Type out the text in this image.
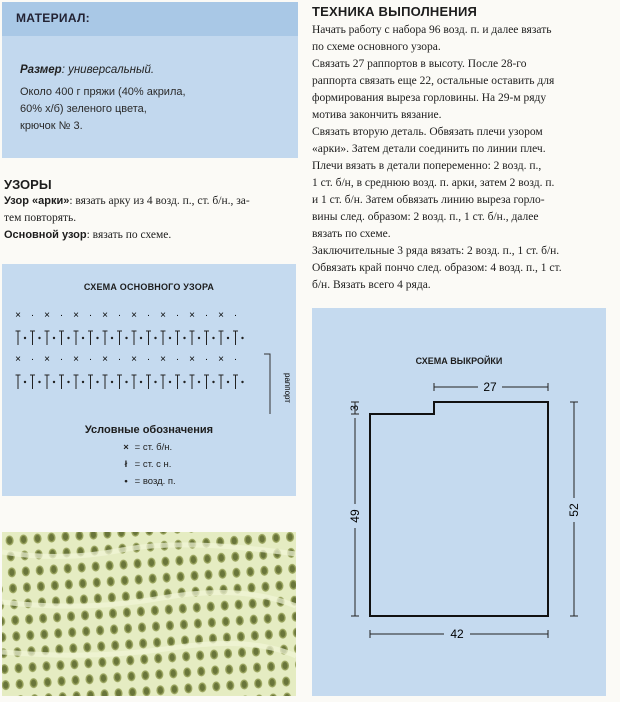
МАТЕРИАЛ:
Размер: универсальный.
Около 400 г пряжи (40% акрила,
60% х/б) зеленого цвета,
крючок № 3.
УЗОРЫ
Узор «арки»: вязать арку из 4 возд. п., ст. б/н., за-
тем повторять.
Основной узор: вязать по схеме.
СХЕМА ОСНОВНОГО УЗОРА
× · × · × · × · × · × · × · × ·
× · × · × · × · × · × · × · × ·
раппорт
Условные обозначения
× = ст. б/н.
ł = ст. с н.
• = возд. п.
ТЕХНИКА ВЫПОЛНЕНИЯ
Начать работу с набора 96 возд. п. и далее вязать
по схеме основного узора.
Связать 27 раппортов в высоту. После 28-го
раппорта связать еще 22, остальные оставить для
формирования выреза горловины. На 29-м ряду
мотива закончить вязание.
Связать вторую деталь. Обвязать плечи узором
«арки». Затем детали соединить по линии плеч.
Плечи вязать в детали попеременно: 2 возд. п.,
1 ст. б/н, в среднюю возд. п. арки, затем 2 возд. п.
и 1 ст. б/н. Затем обвязать линию выреза горло-
вины след. образом: 2 возд. п., 1 ст. б/н., далее
вязать по схеме.
Заключительные 3 ряда вязать: 2 возд. п., 1 ст. б/н.
Обвязать край пончо след. образом: 4 возд. п., 1 ст.
б/н. Вязать всего 4 ряда.
СХЕМА ВЫКРОЙКИ
27
3
49	52
42
